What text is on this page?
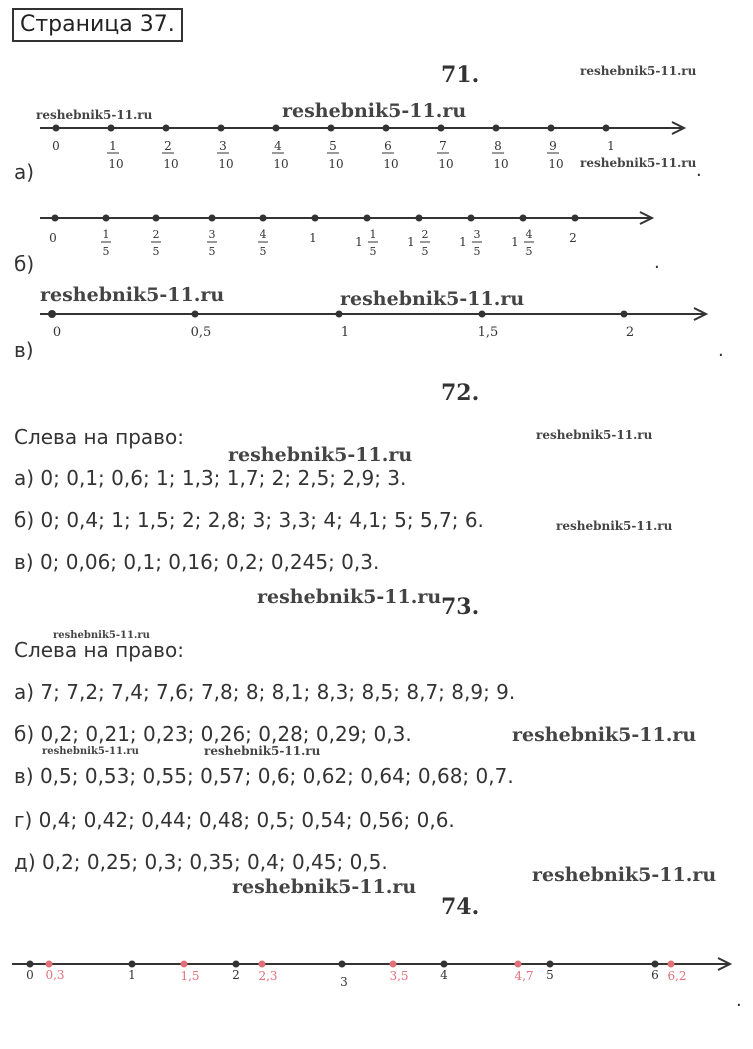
Страница 37.
71.	reshebnik5-11.ru
reshebnik5-11.ru	reshebnik5-11.ru
reshebnik5-11.ru
0	1
10
2
10
3
10
4
10
5
10
6
10
7
10
8
10
9
10
1
а)	.
0	1
5
2
5
3
5
4
5
1	1
1
5
1
2
5
1
3
5
1
4
5
2
б)	.
reshebnik5-11.ru	reshebnik5-11.ru
0	0,5	1	1,5	2
в)	.
72.
Слева на право:	reshebnik5-11.ru
reshebnik5-11.ru
а) 0; 0,1; 0,6; 1; 1,3; 1,7; 2; 2,5; 2,9; 3.
б) 0; 0,4; 1; 1,5; 2; 2,8; 3; 3,3; 4; 4,1; 5; 5,7; 6.	reshebnik5-11.ru
в) 0; 0,06; 0,1; 0,16; 0,2; 0,245; 0,3.
reshebnik5-11.ru 73.
reshebnik5-11.ru
Слева на право:
а) 7; 7,2; 7,4; 7,6; 7,8; 8; 8,1; 8,3; 8,5; 8,7; 8,9; 9.
б) 0,2; 0,21; 0,23; 0,26; 0,28; 0,29; 0,3.	reshebnik5-11.ru
reshebnik5-11.ru	reshebnik5-11.ru
в) 0,5; 0,53; 0,55; 0,57; 0,6; 0,62; 0,64; 0,68; 0,7.
г) 0,4; 0,42; 0,44; 0,48; 0,5; 0,54; 0,56; 0,6.
д) 0,2; 0,25; 0,3; 0,35; 0,4; 0,45; 0,5.
reshebnik5-11.ru
reshebnik5-11.ru
74.
0	1	2	3	4	5	6
0,3	1,5	2,3	3,5	4,7	6,2
.
